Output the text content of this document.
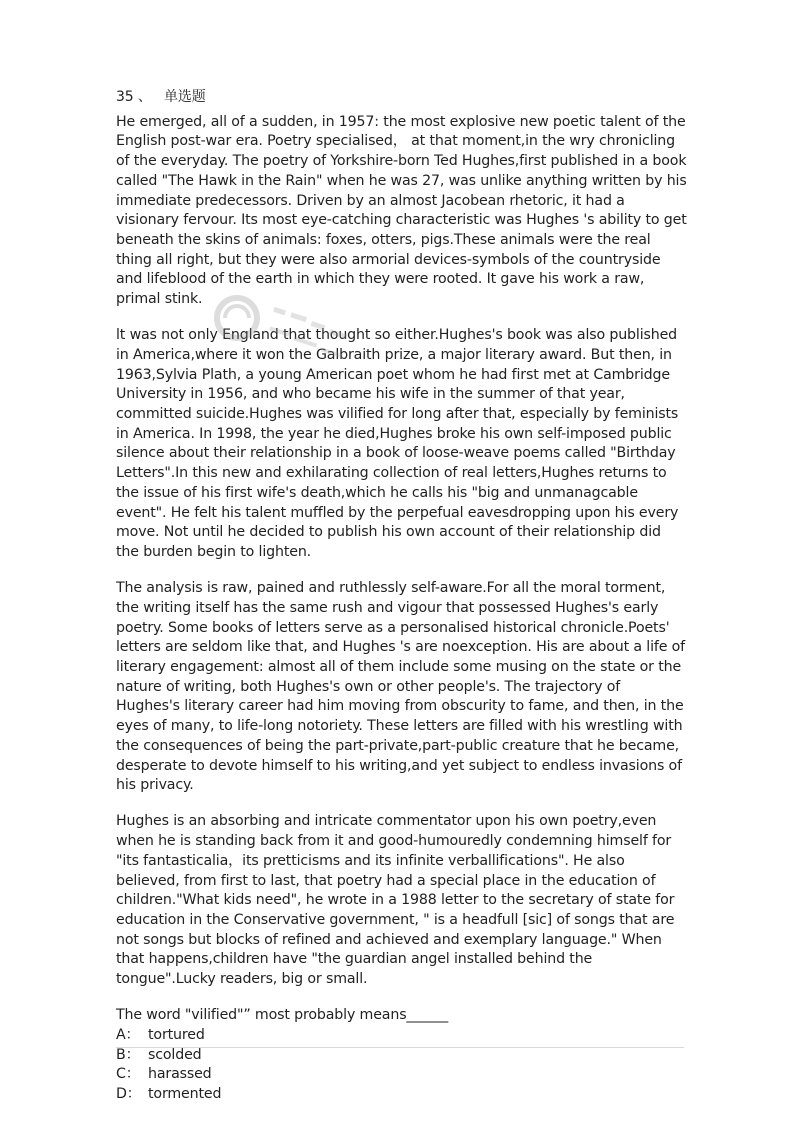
35 、 单选题

He emerged, all of a sudden, in 1957: the most explosive new poetic talent of the English post-war era. Poetry specialised， at that moment,in the wry chronicling of the everyday. The poetry of Yorkshire-born Ted Hughes,first published in a book called "The Hawk in the Rain" when he was 27, was unlike anything written by his immediate predecessors. Driven by an almost Jacobean rhetoric, it had a visionary fervour. Its most eye-catching characteristic was Hughes 's ability to get beneath the skins of animals: foxes, otters, pigs.These animals were the real thing all right, but they were also armorial devices-symbols of the countryside and lifeblood of the earth in which they were rooted. It gave his work a raw, primal stink.

lt was not only England that thought so either.Hughes's book was also published in America,where it won the Galbraith prize, a major literary award. But then, in 1963,Sylvia Plath, a young American poet whom he had first met at Cambridge University in 1956, and who became his wife in the summer of that year, committed suicide.Hughes was vilified for long after that, especially by feminists in America. In 1998, the year he died,Hughes broke his own self-imposed public silence about their relationship in a book of loose-weave poems called "Birthday Letters".In this new and exhilarating collection of real letters,Hughes returns to the issue of his first wife's death,which he calls his "big and unmanagcable event". He felt his talent muffled by the perpefual eavesdropping upon his every move. Not until he decided to publish his own account of their relationship did the burden begin to lighten.

The analysis is raw, pained and ruthlessly self-aware.For all the moral torment, the writing itself has the same rush and vigour that possessed Hughes's early poetry. Some books of letters serve as a personalised historical chronicle.Poets' letters are seldom like that, and Hughes 's are noexception. His are about a life of literary engagement: almost all of them include some musing on the state or the nature of writing, both Hughes's own or other people's. The trajectory of Hughes's literary career had him moving from obscurity to fame, and then, in the eyes of many, to life-long notoriety. These letters are filled with his wrestling with the consequences of being the part-private,part-public creature that he became, desperate to devote himself to his writing,and yet subject to endless invasions of his privacy.

Hughes is an absorbing and intricate commentator upon his own poetry,even when he is standing back from it and good-humouredly condemning himself for "its fantasticalia，its pretticisms and its infinite verballifications". He also believed, from first to last, that poetry had a special place in the education of children."What kids need", he wrote in a 1988 letter to the secretary of state for education in the Conservative government, " is a headfull [sic] of songs that are not songs but blocks of refined and achieved and exemplary language." When that happens,children have "the guardian angel installed behind the tongue".Lucky readers, big or small.

The word "vilified"” most probably means______

A： tortured
B： scolded
C： harassed
D： tormented
